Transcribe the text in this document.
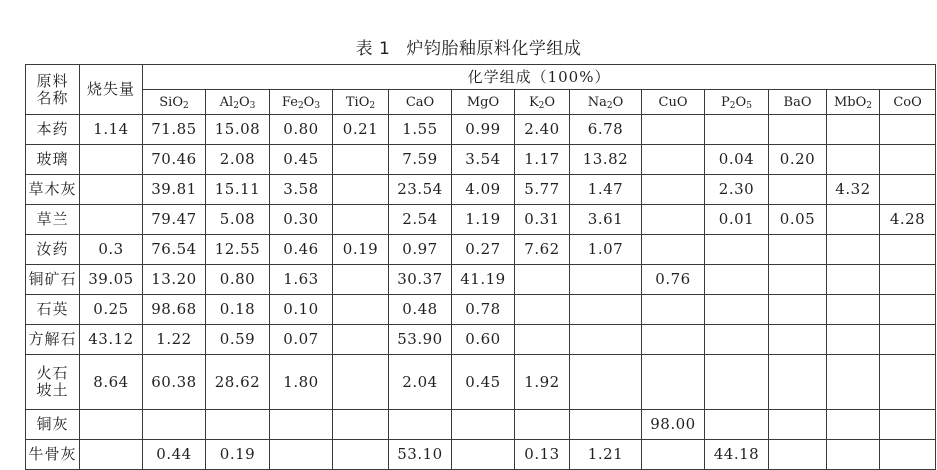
表 1 炉钧胎釉原料化学组成
原料
名称	烧失量	化学组成（100%）												
		SiO$_2$	$Al_2O_3$	$Fe_2O_3$	TiO$_2$	CaO	MgO	$K_2O$	$Na_2O$	CuO	$P_2O_5$	BaO	MbO$_2$	CoO
本药	1.14	71.85	15.08	0.80	0.21	1.55	0.99	2.40	6.78					
玻璃		70.46	2.08	0.45		7.59	3.54	1.17	13.82		0.04	0.20		
草木灰		39.81	15.11	3.58		23.54	4.09	5.77	1.47		2.30		4.32	
草兰		79.47	5.08	0.30		2.54	1.19	0.31	3.61		0.01	0.05		4.28
汝药	0.3	76.54	12.55	0.46	0.19	0.97	0.27	7.62	1.07					
铜矿石	39.05	13.20	0.80	1.63		30.37	41.19			0.76				
石英	0.25	98.68	0.18	0.10		0.48	0.78							
方解石	43.12	1.22	0.59	0.07		53.90	0.60							

火石
坡土	8.64	60.38	28.62	1.80		2.04	0.45	1.92						
铜灰										98.00				
牛骨灰		0.44	0.19			53.10		0.13	1.21		44.18			
